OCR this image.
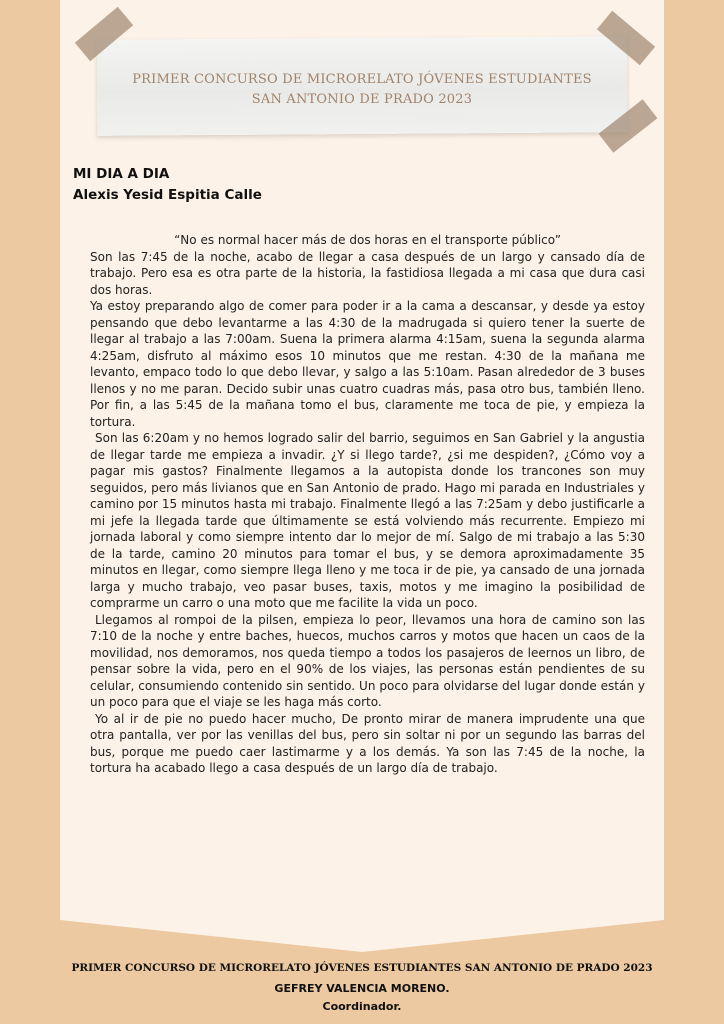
PRIMER CONCURSO DE MICRORELATO JÓVENES ESTUDIANTES
SAN ANTONIO DE PRADO 2023
MI DIA A DIA
Alexis Yesid Espitia Calle

“No es normal hacer más de dos horas en el transporte público”

Son las 7:45 de la noche, acabo de llegar a casa después de un largo y cansado día de trabajo. Pero esa es otra parte de la historia, la fastidiosa llegada a mi casa que dura casi dos horas.

Ya estoy preparando algo de comer para poder ir a la cama a descansar, y desde ya estoy pensando que debo levantarme a las 4:30 de la madrugada si quiero tener la suerte de llegar al trabajo a las 7:00am. Suena la primera alarma 4:15am, suena la segunda alarma 4:25am, disfruto al máximo esos 10 minutos que me restan. 4:30 de la mañana me levanto, empaco todo lo que debo llevar, y salgo a las 5:10am. Pasan alrededor de 3 buses llenos y no me paran. Decido subir unas cuatro cuadras más, pasa otro bus, también lleno. Por fin, a las 5:45 de la mañana tomo el bus, claramente me toca de pie, y empieza la tortura.

Son las 6:20am y no hemos logrado salir del barrio, seguimos en San Gabriel y la angustia de llegar tarde me empieza a invadir. ¿Y si llego tarde?, ¿si me despiden?, ¿Cómo voy a pagar mis gastos? Finalmente llegamos a la autopista donde los trancones son muy seguidos, pero más livianos que en San Antonio de prado. Hago mi parada en Industriales y camino por 15 minutos hasta mi trabajo. Finalmente llegó a las 7:25am y debo justificarle a mi jefe la llegada tarde que últimamente se está volviendo más recurrente. Empiezo mi jornada laboral y como siempre intento dar lo mejor de mí. Salgo de mi trabajo a las 5:30 de la tarde, camino 20 minutos para tomar el bus, y se demora aproximadamente 35 minutos en llegar, como siempre llega lleno y me toca ir de pie, ya cansado de una jornada larga y mucho trabajo, veo pasar buses, taxis, motos y me imagino la posibilidad de comprarme un carro o una moto que me facilite la vida un poco.

Llegamos al rompoi de la pilsen, empieza lo peor, llevamos una hora de camino son las 7:10 de la noche y entre baches, huecos, muchos carros y motos que hacen un caos de la movilidad, nos demoramos, nos queda tiempo a todos los pasajeros de leernos un libro, de pensar sobre la vida, pero en el 90% de los viajes, las personas están pendientes de su celular, consumiendo contenido sin sentido. Un poco para olvidarse del lugar donde están y un poco para que el viaje se les haga más corto.

Yo al ir de pie no puedo hacer mucho, De pronto mirar de manera imprudente una que otra pantalla, ver por las venillas del bus, pero sin soltar ni por un segundo las barras del bus, porque me puedo caer lastimarme y a los demás. Ya son las 7:45 de la noche, la tortura ha acabado llego a casa después de un largo día de trabajo.

PRIMER CONCURSO DE MICRORELATO JÓVENES ESTUDIANTES SAN ANTONIO DE PRADO 2023
GEFREY VALENCIA MORENO.
Coordinador.
